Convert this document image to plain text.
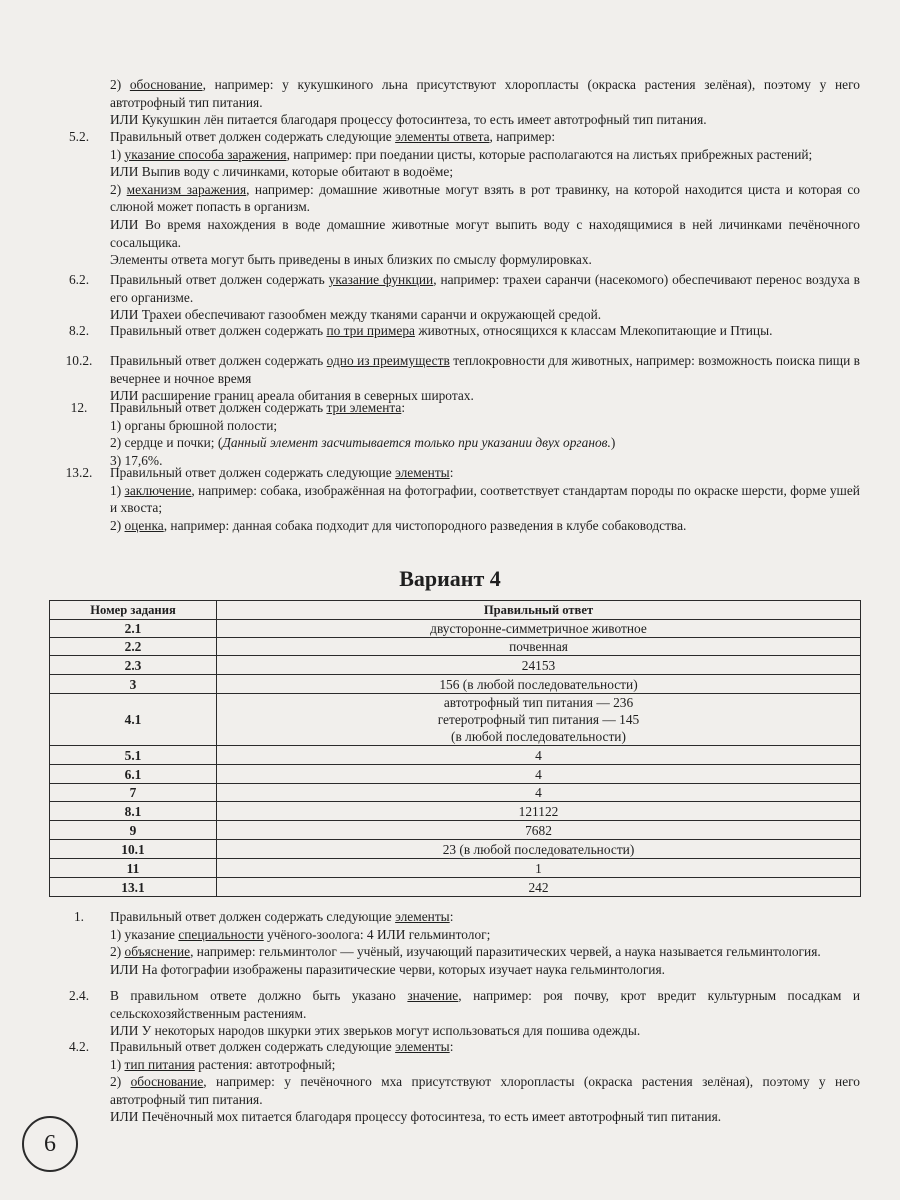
2) обоснование, например: у кукушкиного льна присутствуют хлоропласты (окраска растения зелёная), поэтому у него автотрофный тип питания.

ИЛИ Кукушкин лён питается благодаря процессу фотосинтеза, то есть имеет автотрофный тип питания.

5.2.	Правильный ответ должен содержать следующие элементы ответа, например:

1) указание способа заражения, например: при поедании цисты, которые располагаются на листьях прибрежных растений;

ИЛИ Выпив воду с личинками, которые обитают в водоёме;

2) механизм заражения, например: домашние животные могут взять в рот травинку, на которой находится циста и которая со слюной может попасть в организм.

ИЛИ Во время нахождения в воде домашние животные могут выпить воду с находящимися в ней личинками печёночного сосальщика.

Элементы ответа могут быть приведены в иных близких по смыслу формулировках.

6.2.	Правильный ответ должен содержать указание функции, например: трахеи саранчи (насекомого) обеспечивают перенос воздуха в его организме.

ИЛИ Трахеи обеспечивают газообмен между тканями саранчи и окружающей средой.

8.2.	Правильный ответ должен содержать по три примера животных, относящихся к классам Млекопитающие и Птицы.

10.2.	Правильный ответ должен содержать одно из преимуществ теплокровности для животных, например: возможность поиска пищи в вечернее и ночное время

ИЛИ расширение границ ареала обитания в северных широтах.

12.	Правильный ответ должен содержать три элемента:

1) органы брюшной полости;

2) сердце и почки; (Данный элемент засчитывается только при указании двух органов.)

3) 17,6%.

13.2.	Правильный ответ должен содержать следующие элементы:

1) заключение, например: собака, изображённая на фотографии, соответствует стандартам породы по окраске шерсти, форме ушей и хвоста;

2) оценка, например: данная собака подходит для чистопородного разведения в клубе собаководства.

Вариант 4
Номер задания	Правильный ответ
2.1	двусторонне-симметричное животное

2.2	почвенная

2.3	24153

3	156 (в любой последовательности)

4.1	автотрофный тип питания — 236
гетеротрофный тип питания — 145
(в любой последовательности)

5.1	4

6.1	4

7	4

8.1	121122

9	7682

10.1	23 (в любой последовательности)

11	1

13.1	242
1.	Правильный ответ должен содержать следующие элементы:

1) указание специальности учёного-зоолога: 4 ИЛИ гельминтолог;

2) объяснение, например: гельминтолог — учёный, изучающий паразитических червей, а наука называется гельминтология.

ИЛИ На фотографии изображены паразитические черви, которых изучает наука гельминтология.

2.4.	В правильном ответе должно быть указано значение, например: роя почву, крот вредит культурным посадкам и сельскохозяйственным растениям.

ИЛИ У некоторых народов шкурки этих зверьков могут использоваться для пошива одежды.

4.2.	Правильный ответ должен содержать следующие элементы:

1) тип питания растения: автотрофный;

2) обоснование, например: у печёночного мха присутствуют хлоропласты (окраска растения зелёная), поэтому у него автотрофный тип питания.

ИЛИ Печёночный мох питается благодаря процессу фотосинтеза, то есть имеет автотрофный тип питания.

6
